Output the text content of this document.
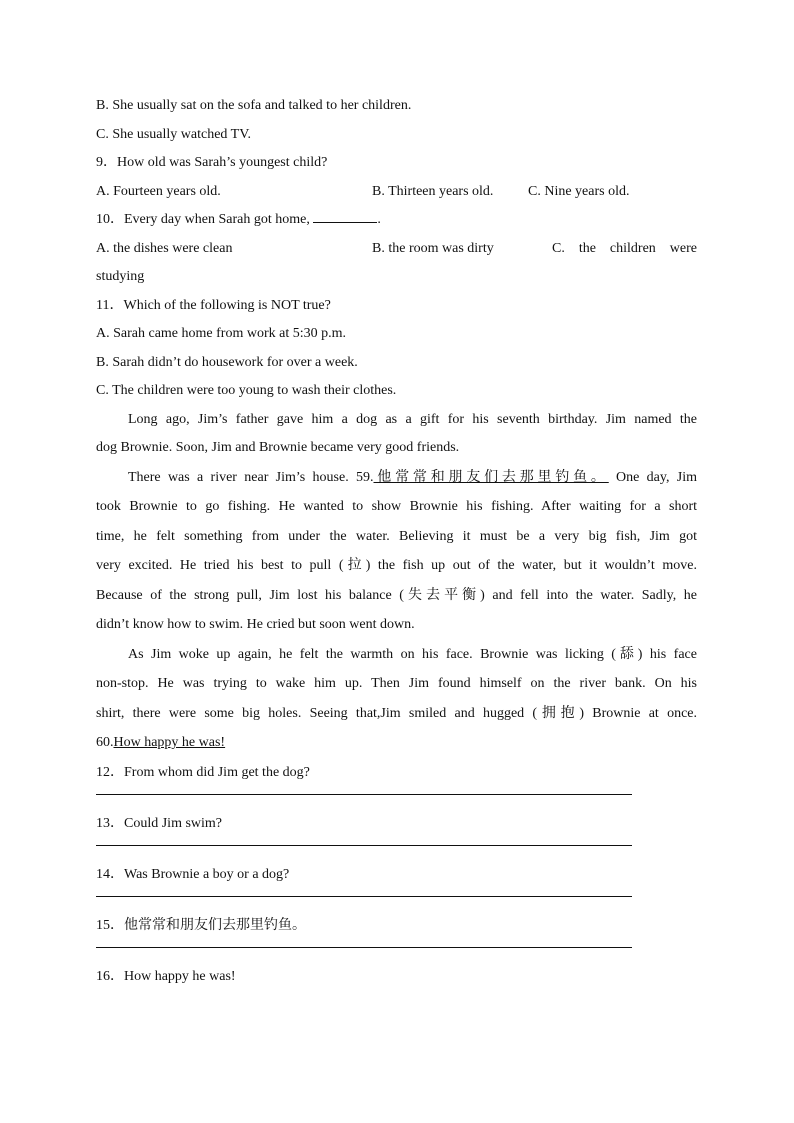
B. She usually sat on the sofa and talked to her children.
C. She usually watched TV.
9．How old was Sarah’s youngest child?
A. Fourteen years old.	B. Thirteen years old.	C. Nine years old.
10．Every day when Sarah got home,	.
A. the dishes were clean	B. the room was dirty	C.    the    children    were
studying
11．Which of the following is NOT true?
A. Sarah came home from work at 5:30 p.m.
B. Sarah didn’t do housework for over a week.
C. The children were too young to wash their clothes.
Long ago, Jim’s father gave him a dog as a gift for his seventh birthday. Jim named the
dog Brownie. Soon, Jim and Brownie became very good friends.
There was a river near Jim’s house. 59.他常常和朋友们去那里钓鱼。 One day, Jim
took Brownie to go fishing. He wanted to show Brownie his fishing. After waiting for a short
time, he felt something from under the water. Believing it must be a very big fish, Jim got
very excited. He tried his best to pull (拉) the fish up out of the water, but it wouldn’t move.
Because of the strong pull, Jim lost his balance (失去平衡) and fell into the water. Sadly, he
didn’t know how to swim. He cried but soon went down.
As Jim woke up again, he felt the warmth on his face. Brownie was licking (舔) his face
non-stop. He was trying to wake him up. Then Jim found himself on the river bank. On his
shirt, there were some big holes. Seeing that,Jim smiled and hugged (拥抱) Brownie at once.
60.How happy he was!
12．From whom did Jim get the dog?
13．Could Jim swim?
14．Was Brownie a boy or a dog?
15．他常常和朋友们去那里钓鱼。
16．How happy he was!
